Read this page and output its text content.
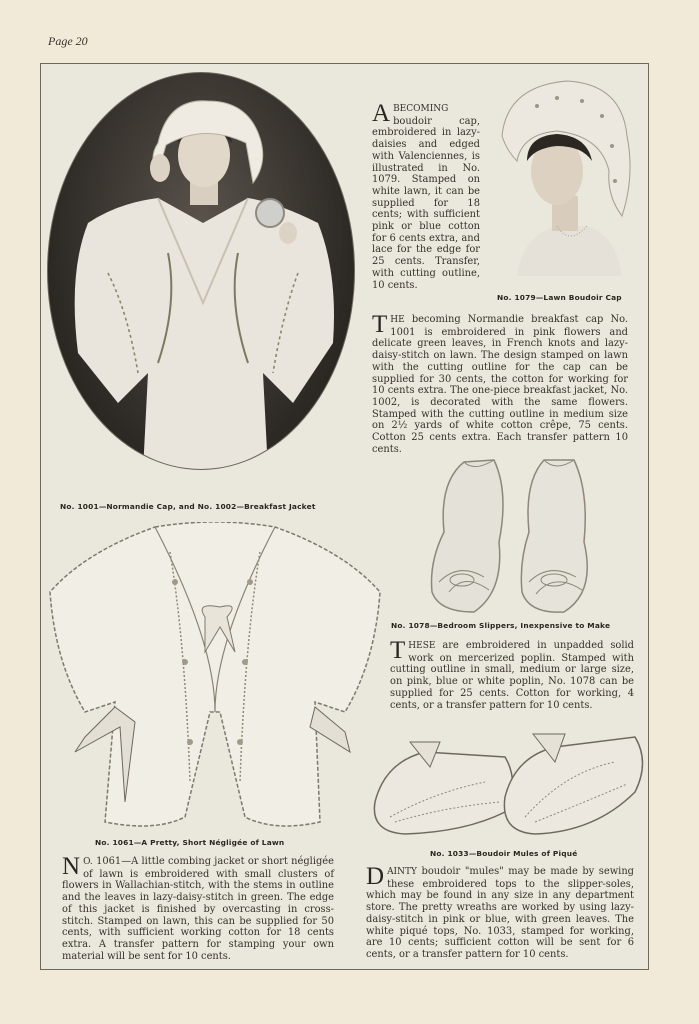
Page 20
No. 1001—Normandie Cap, and No. 1002—Breakfast Jacket
No. 1079—Lawn Boudoir Cap
ABECOMING boudoir cap, embroidered in lazy-daisies and edged with Valenciennes, is illustrated in No. 1079. Stamped on white lawn, it can be supplied for 18 cents; with sufficient pink or blue cotton for 6 cents extra, and lace for the edge for 25 cents. Transfer, with cutting outline, 10 cents.
THE becoming Normandie breakfast cap No. 1001 is embroidered in pink flowers and delicate green leaves, in French knots and lazy-daisy-stitch on lawn. The design stamped on lawn with the cutting outline for the cap can be supplied for 30 cents, the cotton for working for 10 cents extra. The one-piece breakfast jacket, No. 1002, is decorated with the same flowers. Stamped with the cutting outline in medium size on 2½ yards of white cotton crêpe, 75 cents. Cotton 25 cents extra. Each transfer pattern 10 cents.
No. 1078—Bedroom Slippers, Inexpensive to Make
THESE are embroidered in unpadded solid work on mercerized poplin. Stamped with cutting outline in small, medium or large size, on pink, blue or white poplin, No. 1078 can be supplied for 25 cents. Cotton for working, 4 cents, or a transfer pattern for 10 cents.
No. 1061—A Pretty, Short Négligée of Lawn
N O. 1061—A little combing jacket or short négligée of lawn is embroidered with small clusters of flowers in Wallachian-stitch, with the stems in outline and the leaves in lazy-daisy-stitch in green. The edge of this jacket is finished by overcasting in cross-stitch. Stamped on lawn, this can be supplied for 50 cents, with sufficient working cotton for 18 cents extra. A transfer pattern for stamping your own material will be sent for 10 cents.
No. 1033—Boudoir Mules of Piqué
DAINTY boudoir "mules" may be made by sewing these embroidered tops to the slipper-soles, which may be found in any size in any department store. The pretty wreaths are worked by using lazy-daisy-stitch in pink or blue, with green leaves. The white piqué tops, No. 1033, stamped for working, are 10 cents; sufficient cotton will be sent for 6 cents, or a transfer pattern for 10 cents.
